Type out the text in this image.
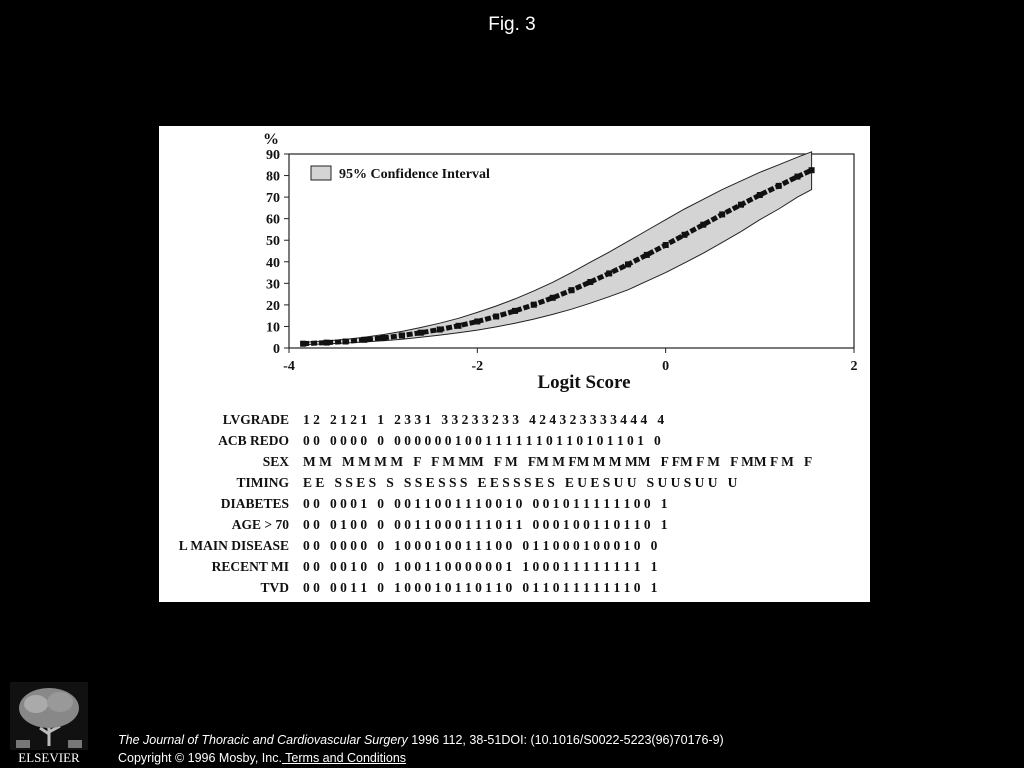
Fig. 3
0
10
20
30
40
50
60
70
80
90
-4	-2	0	2
%
Logit Score
95% Confidence Interval
LVGRADE 1 2   2 1 2 1   1   2 3 3 1   3 3 2 3 3 2 3 3   4 2 4 3 2 3 3 3 3 4 4 4   4
ACB REDO 0 0   0 0 0 0   0   0 0 0 0 0 0 1 0 0 1 1 1 1 1 1 0 1 1 0 1 0 1 1 0 1   0
SEX M M   M M M M   F   F M MM   F M   FM M FM M M MM   F FM F M   F MM F M   F
TIMING E E   S S E S   S   S S E S S S   E E S S S E S   E U E S U U   S U U S U U   U
DIABETES 0 0   0 0 0 1   0   0 0 1 1 0 0 1 1 1 0 0 1 0   0 0 1 0 1 1 1 1 1 1 0 0   1
AGE > 70 0 0   0 1 0 0   0   0 0 1 1 0 0 0 1 1 1 0 1 1   0 0 0 1 0 0 1 1 0 1 1 0   1
L MAIN DISEASE 0 0   0 0 0 0   0   1 0 0 0 1 0 0 1 1 1 0 0   0 1 1 0 0 0 1 0 0 0 1 0   0
RECENT MI 0 0   0 0 1 0   0   1 0 0 1 1 0 0 0 0 0 0 1   1 0 0 0 1 1 1 1 1 1 1 1   1
TVD 0 0   0 0 1 1   0   1 0 0 0 1 0 1 1 0 1 1 0   0 1 1 0 1 1 1 1 1 1 1 0   1
ELSEVIER
The Journal of Thoracic and Cardiovascular Surgery 1996 112, 38-51DOI: (10.1016/S0022-5223(96)70176-9)
Copyright © 1996 Mosby, Inc. Terms and Conditions
